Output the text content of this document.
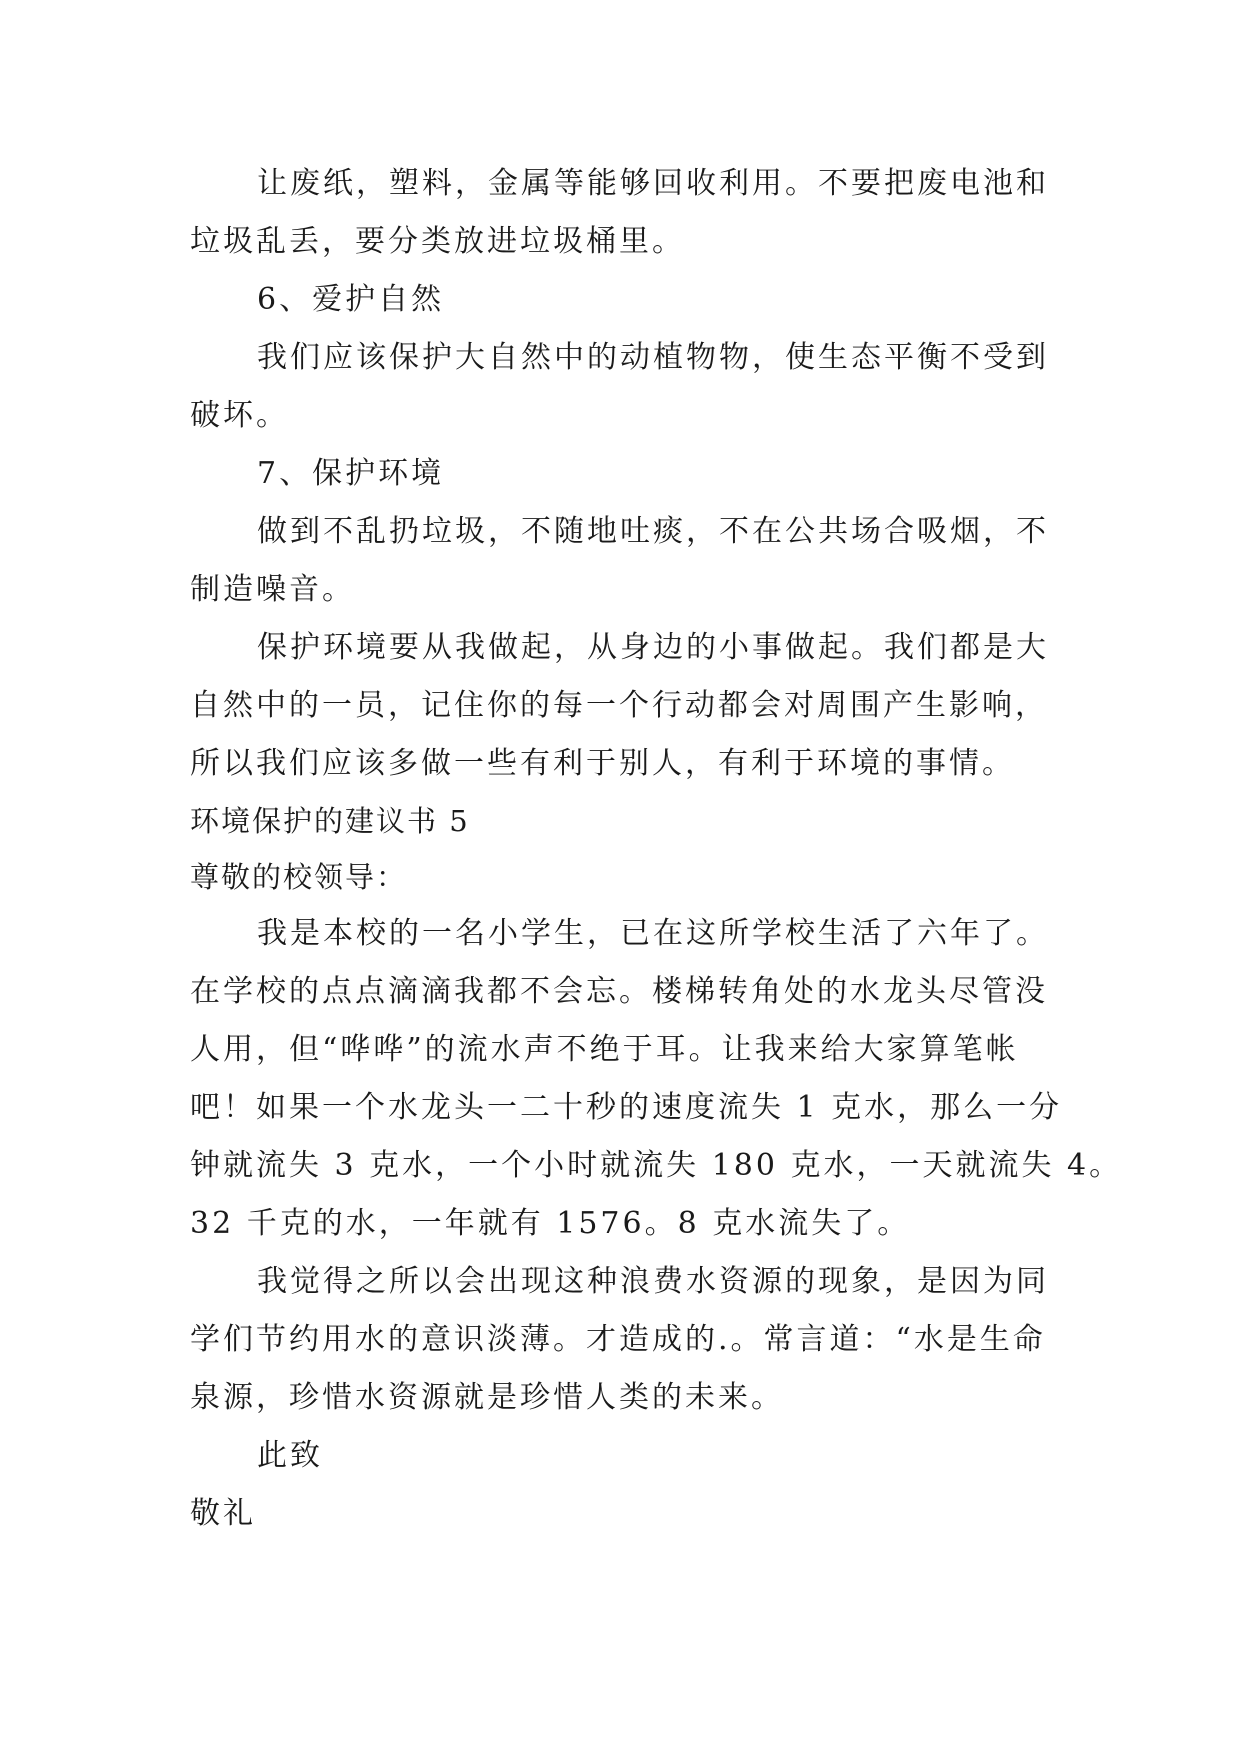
让废纸，塑料，金属等能够回收利用。不要把废电池和
垃圾乱丢，要分类放进垃圾桶里。
6、爱护自然
我们应该保护大自然中的动植物物，使生态平衡不受到
破坏。
7、保护环境
做到不乱扔垃圾，不随地吐痰，不在公共场合吸烟，不
制造噪音。
保护环境要从我做起，从身边的小事做起。我们都是大
自然中的一员，记住你的每一个行动都会对周围产生影响，
所以我们应该多做一些有利于别人，有利于环境的事情。
环境保护的建议书 5
尊敬的校领导：
我是本校的一名小学生，已在这所学校生活了六年了。
在学校的点点滴滴我都不会忘。楼梯转角处的水龙头尽管没
人用，但“哗哗”的流水声不绝于耳。让我来给大家算笔帐
吧！如果一个水龙头一二十秒的速度流失 1 克水，那么一分
钟就流失 3 克水，一个小时就流失 180 克水，一天就流失 4。
32 千克的水，一年就有 1576。8 克水流失了。
我觉得之所以会出现这种浪费水资源的现象，是因为同
学们节约用水的意识淡薄。才造成的.。常言道：“水是生命
泉源，珍惜水资源就是珍惜人类的未来。
此致
敬礼
